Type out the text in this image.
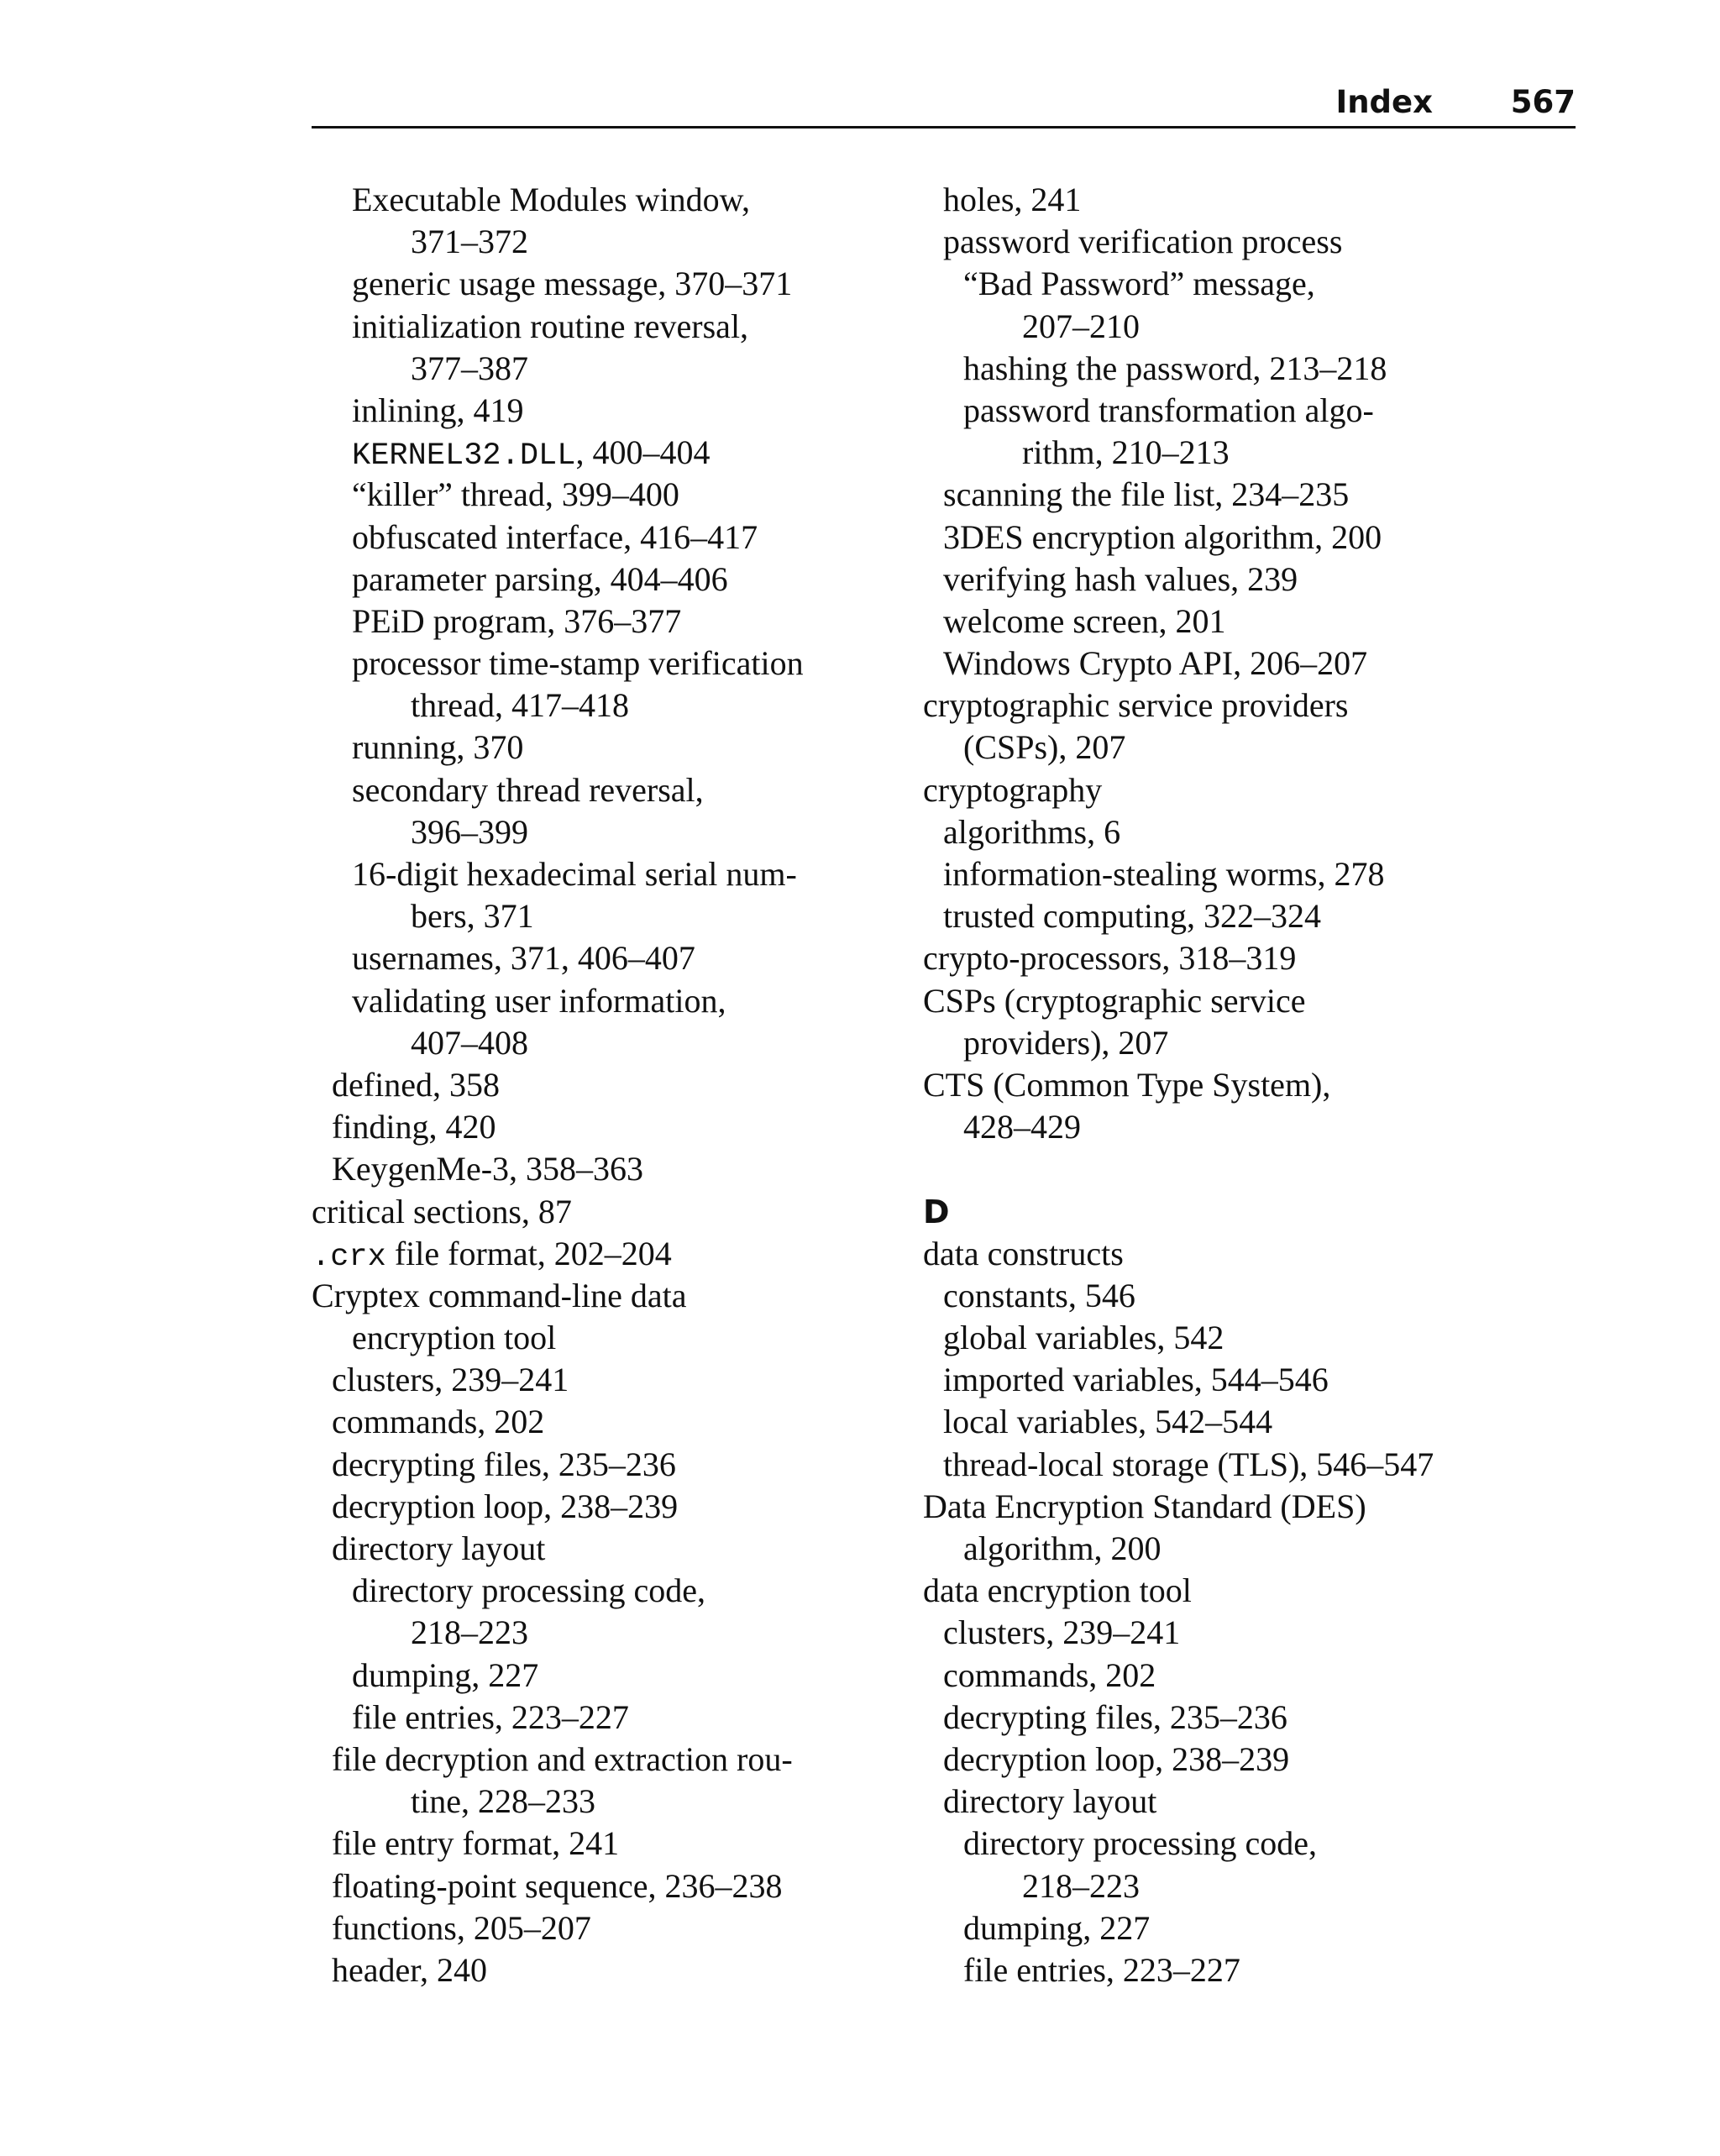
Index	567
Executable Modules window,
371–372
generic usage message, 370–371
initialization routine reversal,
377–387
inlining, 419
KERNEL32.DLL, 400–404
“killer” thread, 399–400
obfuscated interface, 416–417
parameter parsing, 404–406
PEiD program, 376–377
processor time-stamp verification
thread, 417–418
running, 370
secondary thread reversal,
396–399
16-digit hexadecimal serial num-
bers, 371
usernames, 371, 406–407
validating user information,
407–408
defined, 358
finding, 420
KeygenMe-3, 358–363
critical sections, 87
.crx file format, 202–204
Cryptex command-line data
encryption tool
clusters, 239–241
commands, 202
decrypting files, 235–236
decryption loop, 238–239
directory layout
directory processing code,
218–223
dumping, 227
file entries, 223–227
file decryption and extraction rou-
tine, 228–233
file entry format, 241
floating-point sequence, 236–238
functions, 205–207
header, 240
holes, 241
password verification process
“Bad Password” message,
207–210
hashing the password, 213–218
password transformation algo-
rithm, 210–213
scanning the file list, 234–235
3DES encryption algorithm, 200
verifying hash values, 239
welcome screen, 201
Windows Crypto API, 206–207
cryptographic service providers
(CSPs), 207
cryptography
algorithms, 6
information-stealing worms, 278
trusted computing, 322–324
crypto-processors, 318–319
CSPs (cryptographic service
providers), 207
CTS (Common Type System),
428–429
D
data constructs
constants, 546
global variables, 542
imported variables, 544–546
local variables, 542–544
thread-local storage (TLS), 546–547
Data Encryption Standard (DES)
algorithm, 200
data encryption tool
clusters, 239–241
commands, 202
decrypting files, 235–236
decryption loop, 238–239
directory layout
directory processing code,
218–223
dumping, 227
file entries, 223–227
